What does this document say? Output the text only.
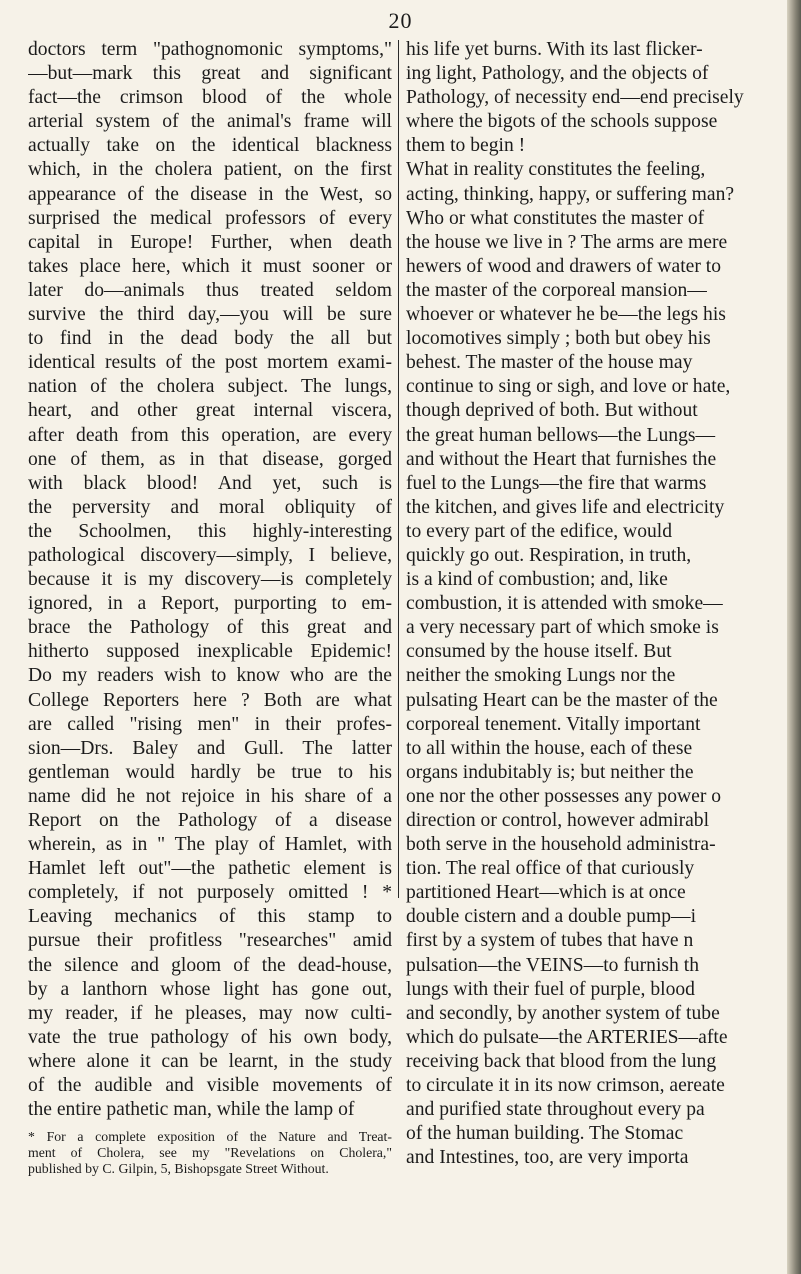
20
doctors term "pathognomonic symptoms,"
—but—mark this great and significant
fact—the crimson blood of the whole
arterial system of the animal's frame will
actually take on the identical blackness
which, in the cholera patient, on the first
appearance of the disease in the West, so
surprised the medical professors of every
capital in Europe! Further, when death
takes place here, which it must sooner or
later do—animals thus treated seldom
survive the third day,—you will be sure
to find in the dead body the all but
identical results of the post mortem exami-
nation of the cholera subject. The lungs,
heart, and other great internal viscera,
after death from this operation, are every
one of them, as in that disease, gorged
with black blood! And yet, such is
the perversity and moral obliquity of
the Schoolmen, this highly-interesting
pathological discovery—simply, I believe,
because it is my discovery—is completely
ignored, in a Report, purporting to em-
brace the Pathology of this great and
hitherto supposed inexplicable Epidemic!
Do my readers wish to know who are the
College Reporters here ? Both are what
are called "rising men" in their profes-
sion—Drs. Baley and Gull. The latter
gentleman would hardly be true to his
name did he not rejoice in his share of a
Report on the Pathology of a disease
wherein, as in " The play of Hamlet, with
Hamlet left out"—the pathetic element is
completely, if not purposely omitted ! *
Leaving mechanics of this stamp to
pursue their profitless "researches" amid
the silence and gloom of the dead-house,
by a lanthorn whose light has gone out,
my reader, if he pleases, may now culti-
vate the true pathology of his own body,
where alone it can be learnt, in the study
of the audible and visible movements of
the entire pathetic man, while the lamp of
his life yet burns. With its last flicker-
ing light, Pathology, and the objects of
Pathology, of necessity end—end precisely
where the bigots of the schools suppose
them to begin !
What in reality constitutes the feeling,
acting, thinking, happy, or suffering man?
Who or what constitutes the master of
the house we live in ? The arms are mere
hewers of wood and drawers of water to
the master of the corporeal mansion—
whoever or whatever he be—the legs his
locomotives simply ; both but obey his
behest. The master of the house may
continue to sing or sigh, and love or hate,
though deprived of both. But without
the great human bellows—the Lungs—
and without the Heart that furnishes the
fuel to the Lungs—the fire that warms
the kitchen, and gives life and electricity
to every part of the edifice, would
quickly go out. Respiration, in truth,
is a kind of combustion; and, like
combustion, it is attended with smoke—
a very necessary part of which smoke is
consumed by the house itself. But
neither the smoking Lungs nor the
pulsating Heart can be the master of the
corporeal tenement. Vitally important
to all within the house, each of these
organs indubitably is; but neither the
one nor the other possesses any power o
direction or control, however admirabl
both serve in the household administra-
tion. The real office of that curiously
partitioned Heart—which is at once
double cistern and a double pump—i
first by a system of tubes that have n
pulsation—the VEINS—to furnish th
lungs with their fuel of purple, blood
and secondly, by another system of tube
which do pulsate—the ARTERIES—afte
receiving back that blood from the lung
to circulate it in its now crimson, aereate
and purified state throughout every pa
of the human building. The Stomac
and Intestines, too, are very importa
* For a complete exposition of the Nature and Treat-
ment of Cholera, see my "Revelations on Cholera,"
published by C. Gilpin, 5, Bishopsgate Street Without.
